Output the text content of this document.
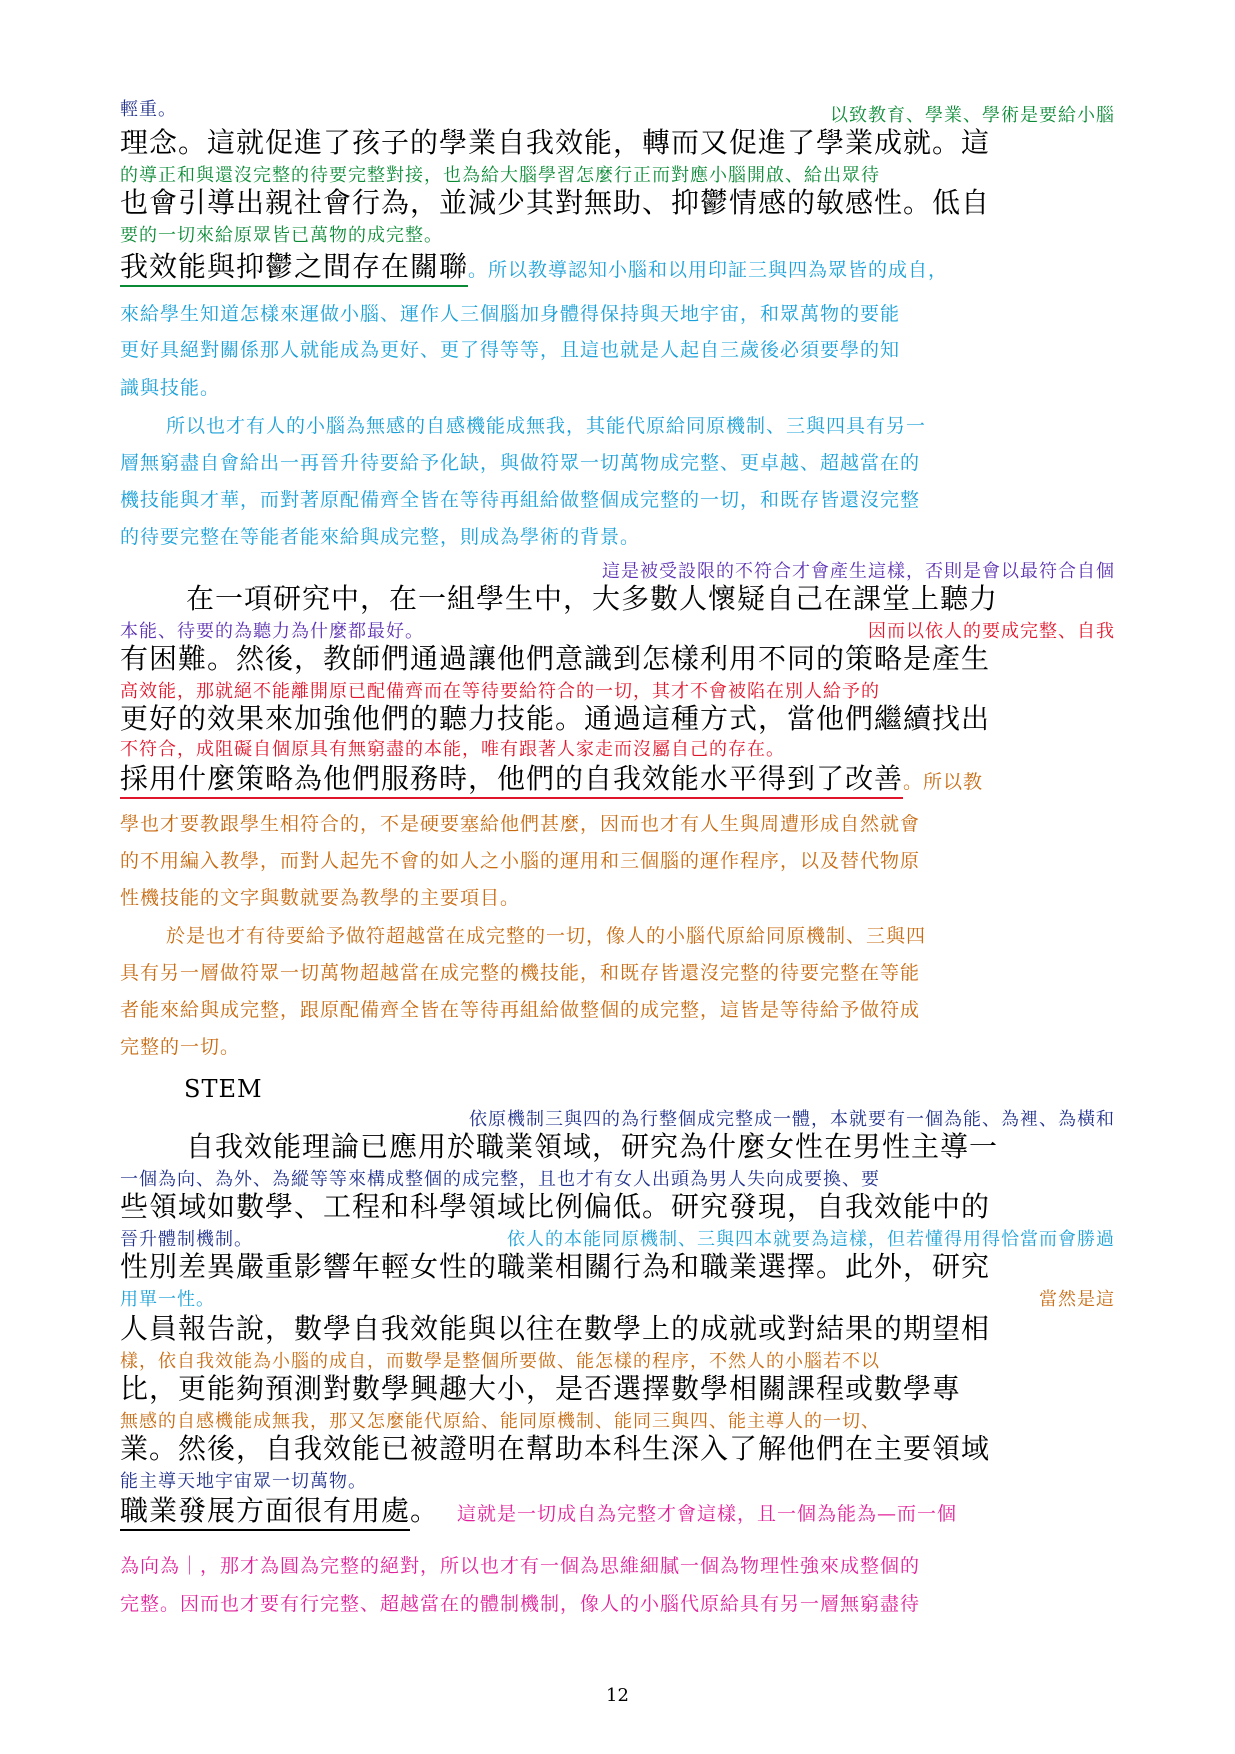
輕重。	以致教育、學業、學術是要給小腦
理念。這就促進了孩子的學業自我效能，轉而又促進了學業成就。這
的導正和與還沒完整的待要完整對接，也為給大腦學習怎麼行正而對應小腦開啟、給出眾待
也會引導出親社會行為，並減少其對無助、抑鬱情感的敏感性。低自
要的一切來給原眾皆已萬物的成完整。
我效能與抑鬱之間存在關聯。所以教導認知小腦和以用印証三與四為眾皆的成自，
來給學生知道怎樣來運做小腦、運作人三個腦加身體得保持與天地宇宙，和眾萬物的要能
更好具絕對關係那人就能成為更好、更了得等等，且這也就是人起自三歲後必須要學的知
識與技能。
所以也才有人的小腦為無感的自感機能成無我，其能代原給同原機制、三與四具有另一
層無窮盡自會給出一再晉升待要給予化缺，與做符眾一切萬物成完整、更卓越、超越當在的
機技能與才華，而對著原配備齊全皆在等待再組給做整個成完整的一切，和既存皆還沒完整
的待要完整在等能者能來給與成完整，則成為學術的背景。
這是被受設限的不符合才會產生這樣，否則是會以最符合自個
在一項研究中，在一組學生中，大多數人懷疑自己在課堂上聽力
本能、待要的為聽力為什麼都最好。	因而以依人的要成完整、自我
有困難。然後，教師們通過讓他們意識到怎樣利用不同的策略是產生
高效能，那就絕不能離開原已配備齊而在等待要給符合的一切，其才不會被陷在別人給予的
更好的效果來加強他們的聽力技能。通過這種方式，當他們繼續找出
不符合，成阻礙自個原具有無窮盡的本能，唯有跟著人家走而沒屬自己的存在。
採用什麼策略為他們服務時，他們的自我效能水平得到了改善。所以教
學也才要教跟學生相符合的，不是硬要塞給他們甚麼，因而也才有人生與周遭形成自然就會
的不用編入教學，而對人起先不會的如人之小腦的運用和三個腦的運作程序，以及替代物原
性機技能的文字與數就要為教學的主要項目。
於是也才有待要給予做符超越當在成完整的一切，像人的小腦代原給同原機制、三與四
具有另一層做符眾一切萬物超越當在成完整的機技能，和既存皆還沒完整的待要完整在等能
者能來給與成完整，跟原配備齊全皆在等待再組給做整個的成完整，這皆是等待給予做符成
完整的一切。
STEM
依原機制三與四的為行整個成完整成一體，本就要有一個為能、為裡、為橫和
自我效能理論已應用於職業領域，研究為什麼女性在男性主導一
一個為向、為外、為縱等等來構成整個的成完整，且也才有女人出頭為男人失向成要換、要
些領域如數學、工程和科學領域比例偏低。研究發現，自我效能中的
晉升體制機制。	依人的本能同原機制、三與四本就要為這樣，但若懂得用得恰當而會勝過
性別差異嚴重影響年輕女性的職業相關行為和職業選擇。此外，研究
用單一性。	當然是這
人員報告說，數學自我效能與以往在數學上的成就或對結果的期望相
樣，依自我效能為小腦的成自，而數學是整個所要做、能怎樣的程序，不然人的小腦若不以
比，更能夠預測對數學興趣大小，是否選擇數學相關課程或數學專
無感的自感機能成無我，那又怎麼能代原給、能同原機制、能同三與四、能主導人的一切、
業。然後，自我效能已被證明在幫助本科生深入了解他們在主要領域
能主導天地宇宙眾一切萬物。
職業發展方面很有用處。 這就是一切成自為完整才會這樣，且一個為能為—而一個
為向為｜，那才為圓為完整的絕對，所以也才有一個為思維細膩一個為物理性強來成整個的
完整。因而也才要有行完整、超越當在的體制機制，像人的小腦代原給具有另一層無窮盡待
12
